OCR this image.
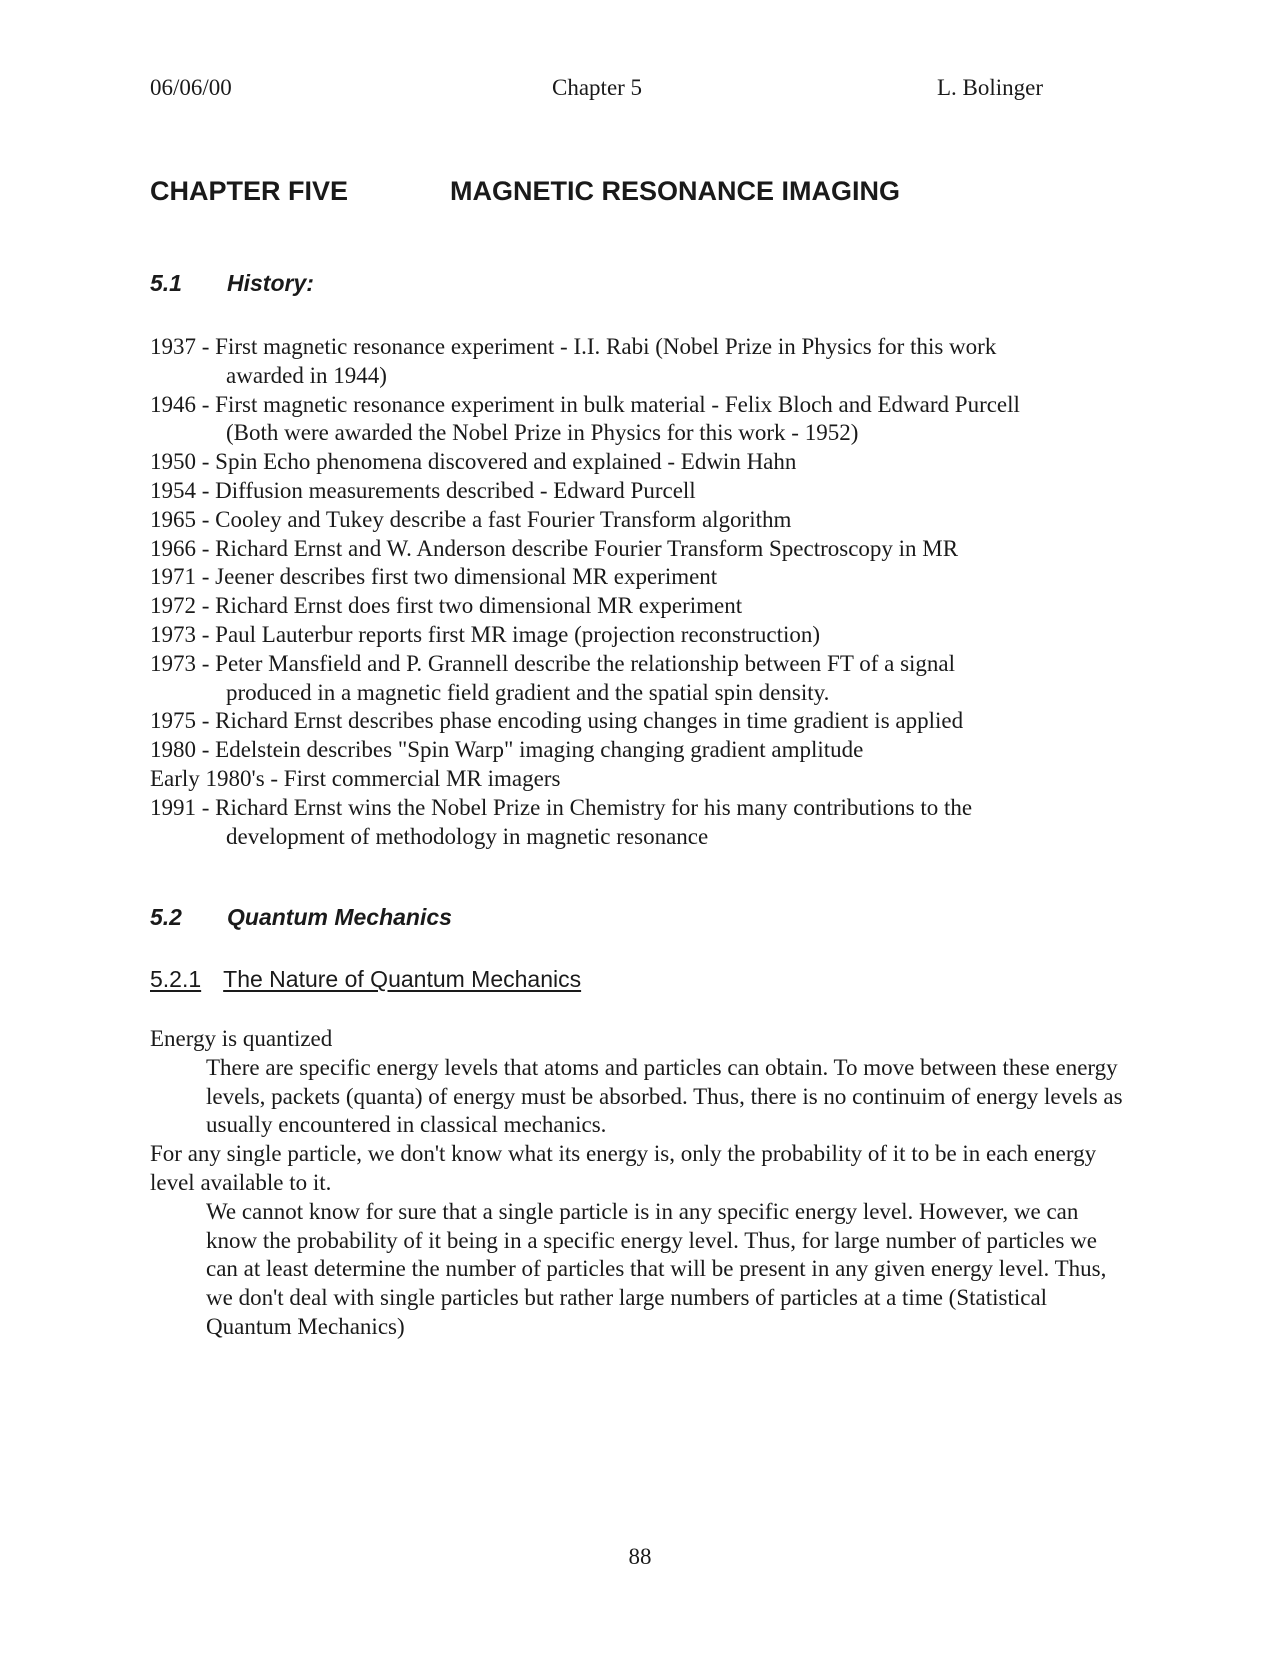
06/06/00	Chapter 5	L. Bolinger
CHAPTER FIVE	MAGNETIC RESONANCE IMAGING
5.1 History:
1937 - First magnetic resonance experiment - I.I. Rabi (Nobel Prize in Physics for this work
awarded in 1944)
1946 - First magnetic resonance experiment in bulk material - Felix Bloch and Edward Purcell
(Both were awarded the Nobel Prize in Physics for this work - 1952)
1950 - Spin Echo phenomena discovered and explained - Edwin Hahn
1954 - Diffusion measurements described - Edward Purcell
1965 - Cooley and Tukey describe a fast Fourier Transform algorithm
1966 - Richard Ernst and W. Anderson describe Fourier Transform Spectroscopy in MR
1971 - Jeener describes first two dimensional MR experiment
1972 - Richard Ernst does first two dimensional MR experiment
1973 - Paul Lauterbur reports first MR image (projection reconstruction)
1973 - Peter Mansfield and P. Grannell describe the relationship between FT of a signal
produced in a magnetic field gradient and the spatial spin density.
1975 - Richard Ernst describes phase encoding using changes in time gradient is applied
1980 - Edelstein describes "Spin Warp" imaging changing gradient amplitude
Early 1980's - First commercial MR imagers
1991 - Richard Ernst wins the Nobel Prize in Chemistry for his many contributions to the
development of methodology in magnetic resonance
5.2 Quantum Mechanics
5.2.1 The Nature of Quantum Mechanics

Energy is quantized

There are specific energy levels that atoms and particles can obtain. To move between these energy levels, packets (quanta) of energy must be absorbed. Thus, there is no continuim of energy levels as usually encountered in classical mechanics.

For any single particle, we don't know what its energy is, only the probability of it to be in each energy level available to it.

We cannot know for sure that a single particle is in any specific energy level. However, we can know the probability of it being in a specific energy level. Thus, for large number of particles we can at least determine the number of particles that will be present in any given energy level. Thus, we don't deal with single particles but rather large numbers of particles at a time (Statistical Quantum Mechanics)

88
